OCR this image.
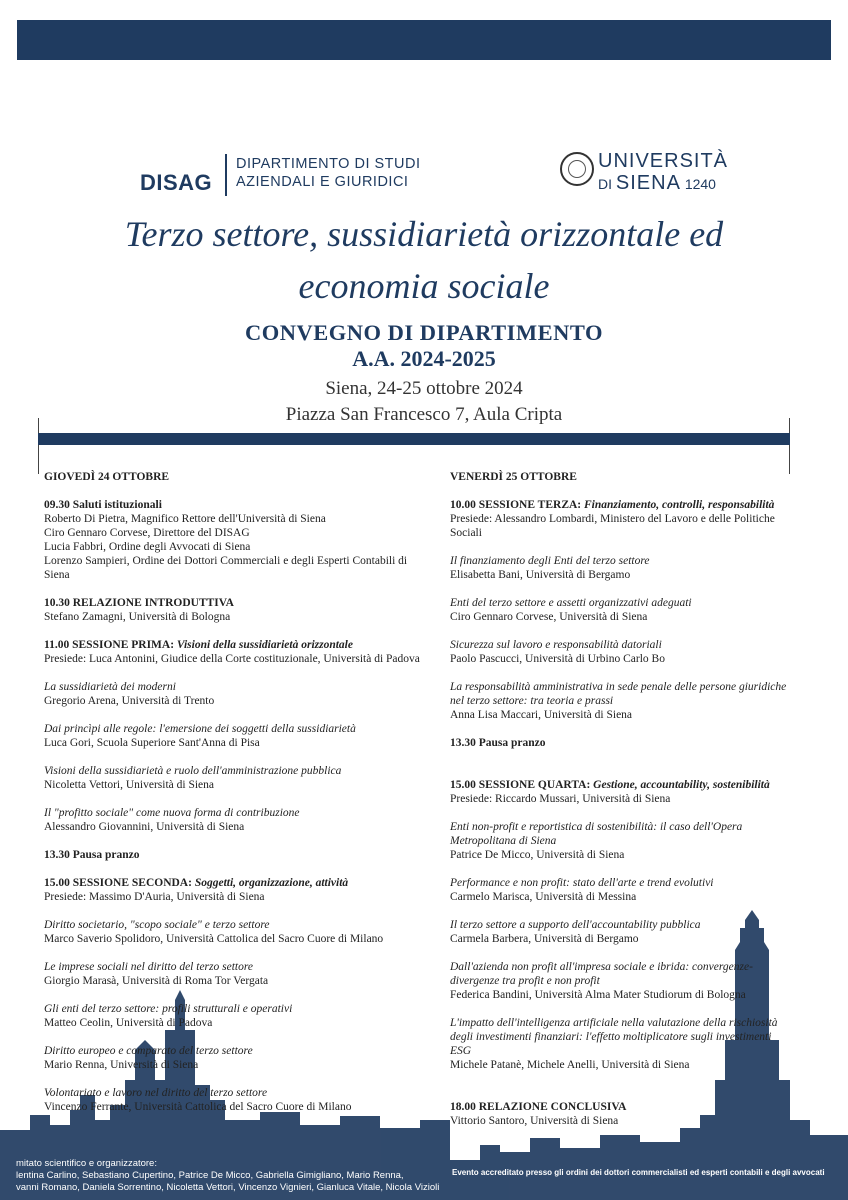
DISAG
DIPARTIMENTO DI STUDI
AZIENDALI E GIURIDICI
UNIVERSITÀ
DI SIENA 1240
Terzo settore, sussidiarietà orizzontale ed
economia sociale
CONVEGNO DI DIPARTIMENTO
A.A. 2024-2025
Siena, 24-25 ottobre 2024
Piazza San Francesco 7, Aula Cripta

GIOVEDÌ 24 OTTOBRE

09.30 Saluti istituzionali

Roberto Di Pietra, Magnifico Rettore dell'Università di Siena

Ciro Gennaro Corvese, Direttore del DISAG

Lucia Fabbri, Ordine degli Avvocati di Siena

Lorenzo Sampieri, Ordine dei Dottori Commerciali e degli Esperti Contabili di Siena

10.30 RELAZIONE INTRODUTTIVA

Stefano Zamagni, Università di Bologna

11.00 SESSIONE PRIMA: Visioni della sussidiarietà orizzontale

Presiede: Luca Antonini, Giudice della Corte costituzionale, Università di Padova

La sussidiarietà dei moderni

Gregorio Arena, Università di Trento

Dai princìpi alle regole: l'emersione dei soggetti della sussidiarietà

Luca Gori, Scuola Superiore Sant'Anna di Pisa

Visioni della sussidiarietà e ruolo dell'amministrazione pubblica

Nicoletta Vettori, Università di Siena

Il "profitto sociale" come nuova forma di contribuzione

Alessandro Giovannini, Università di Siena

13.30 Pausa pranzo

15.00 SESSIONE SECONDA: Soggetti, organizzazione, attività

Presiede: Massimo D'Auria, Università di Siena

Diritto societario, "scopo sociale" e terzo settore

Marco Saverio Spolidoro, Università Cattolica del Sacro Cuore di Milano

Le imprese sociali nel diritto del terzo settore

Giorgio Marasà, Università di Roma Tor Vergata

Gli enti del terzo settore: profili strutturali e operativi

Matteo Ceolin, Università di Padova

Diritto europeo e comparato del terzo settore

Mario Renna, Università di Siena

Volontariato e lavoro nel diritto del terzo settore

Vincenzo Ferrante, Università Cattolica del Sacro Cuore di Milano

VENERDÌ 25 OTTOBRE

10.00 SESSIONE TERZA: Finanziamento, controlli, responsabilità

Presiede: Alessandro Lombardi, Ministero del Lavoro e delle Politiche Sociali

Il finanziamento degli Enti del terzo settore

Elisabetta Bani, Università di Bergamo

Enti del terzo settore e assetti organizzativi adeguati

Ciro Gennaro Corvese, Università di Siena

Sicurezza sul lavoro e responsabilità datoriali

Paolo Pascucci, Università di Urbino Carlo Bo

La responsabilità amministrativa in sede penale delle persone giuridiche nel terzo settore: tra teoria e prassi

Anna Lisa Maccari, Università di Siena

13.30 Pausa pranzo

15.00 SESSIONE QUARTA: Gestione, accountability, sostenibilità

Presiede: Riccardo Mussari, Università di Siena

Enti non-profit e reportistica di sostenibilità: il caso dell'Opera Metropolitana di Siena

Patrice De Micco, Università di Siena

Performance e non profit: stato dell'arte e trend evolutivi

Carmelo Marisca, Università di Messina

Il terzo settore a supporto dell'accountability pubblica

Carmela Barbera, Università di Bergamo

Dall'azienda non profit all'impresa sociale e ibrida: convergenze-divergenze tra profit e non profit

Federica Bandini, Università Alma Mater Studiorum di Bologna

L'impatto dell'intelligenza artificiale nella valutazione della rischiosità degli investimenti finanziari: l'effetto moltiplicatore sugli investimenti ESG

Michele Patanè, Michele Anelli, Università di Siena

18.00 RELAZIONE CONCLUSIVA

Vittorio Santoro, Università di Siena

mitato scientifico e organizzatore:
lentina Carlino, Sebastiano Cupertino, Patrice De Micco, Gabriella Gimigliano, Mario Renna,
vanni Romano, Daniela Sorrentino, Nicoletta Vettori, Vincenzo Vignieri, Gianluca Vitale, Nicola Vizioli
Evento accreditato presso gli ordini dei dottori commercialisti ed esperti contabili e degli avvocati
